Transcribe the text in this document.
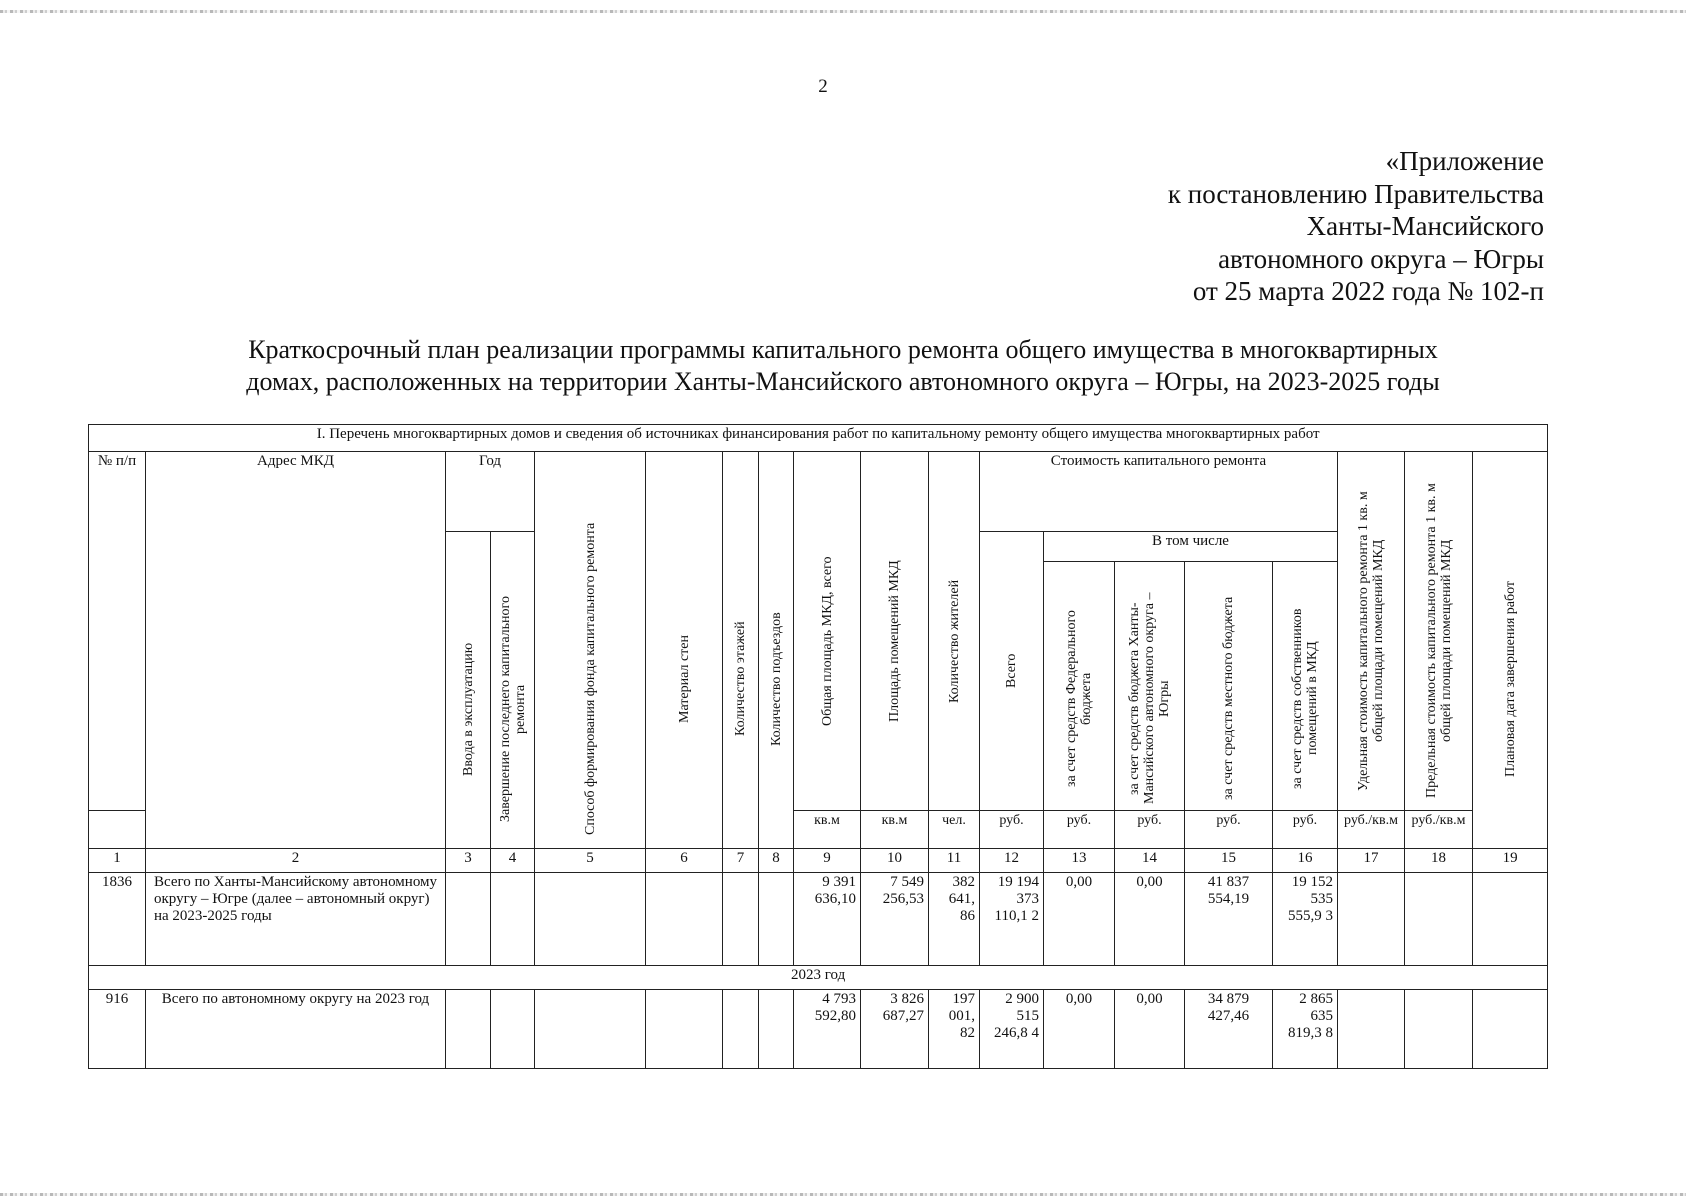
2
«Приложение
к постановлению Правительства
Ханты-Мансийского
автономного округа – Югры
от 25 марта 2022 года № 102-п
Краткосрочный план реализации программы капитального ремонта общего имущества в многоквартирных
домах, расположенных на территории Ханты-Мансийского автономного округа – Югры, на 2023-2025 годы
I. Перечень многоквартирных домов и сведения об источниках финансирования работ по капитальному ремонту общего имущества многоквартирных работ																		
№ п/п	Адрес МКД	Год		Способ формирования фонда капитального ремонта	Материал стен	Количество этажей	Количество подъездов	Общая площадь МКД, всего	Площадь помещений МКД	Количество жителей	Стоимость капитального ремонта					Удельная стоимость капитального ремонта 1 кв. м общей площади помещений МКД	Предельная стоимость капитального ремонта 1 кв. м общей площади помещений МКД	Плановая дата завершения работ

		Ввода в эксплуатацию	Завершение последнего капитального ремонта								Всего	В том числе						

												за счет средств Федерального бюджета	за счет средств бюджета Ханты-Мансийского автономного округа – Югры	за счет средств местного бюджета	за счет средств собственников помещений в МКД			

								кв.м	кв.м	чел.	руб.	руб.	руб.	руб.	руб.	руб./кв.м	руб./кв.м	
1	2	3	4	5	6	7	8	9	10	11	12	13	14	15	16	17	18	19
1836	Всего по Ханты-Мансийскому автономному округу – Югре (далее – автономный округ) на 2023-2025 годы							9 391 636,10	7 549 256,53	382 641, 86	19 194 373 110,1 2	0,00	0,00	41 837 554,19	19 152 535 555,9 3			
2023 год																		
916	Всего по автономному округу на 2023 год							4 793 592,80	3 826 687,27	197 001, 82	2 900 515 246,8 4	0,00	0,00	34 879 427,46	2 865 635 819,3 8			
